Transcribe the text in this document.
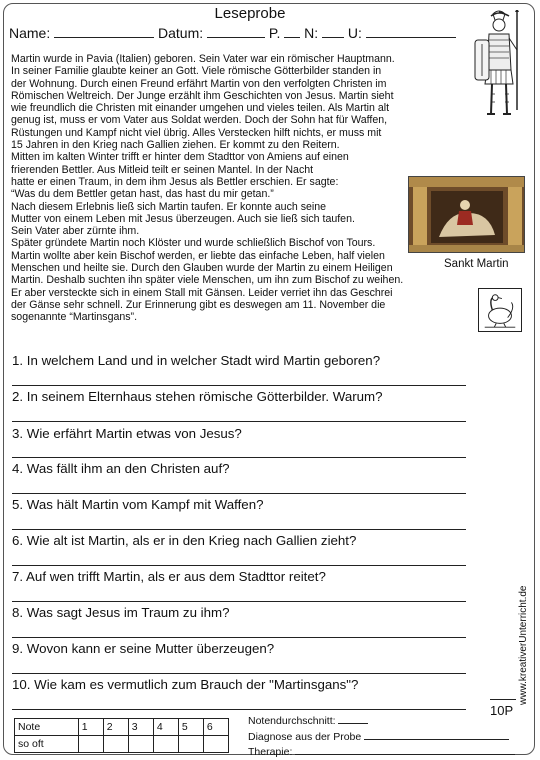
Leseprobe
Name:	Datum:	P. N: U:
Martin wurde in Pavia (Italien) geboren. Sein Vater war ein römischer Hauptmann.
In seiner Familie glaubte keiner an Gott. Viele römische Götterbilder standen in
der Wohnung. Durch einen Freund erfährt Martin von den verfolgten Christen im
Römischen Weltreich. Der Junge erzählt ihm Geschichten von Jesus. Martin sieht
wie freundlich die Christen mit einander umgehen und vieles teilen. Als Martin alt
genug ist, muss er vom Vater aus Soldat werden. Doch der Sohn hat für Waffen,
Rüstungen und Kampf nicht viel übrig. Alles Verstecken hilft nichts, er muss mit
15 Jahren in den Krieg nach Gallien ziehen. Er kommt zu den Reitern.
Mitten im kalten Winter trifft er hinter dem Stadttor von Amiens auf einen
frierenden Bettler. Aus Mitleid teilt er seinen Mantel. In der Nacht
hatte er einen Traum, in dem ihm Jesus als Bettler erschien. Er sagte:
“Was du dem Bettler getan hast, das hast du mir getan.”
Nach diesem Erlebnis ließ sich Martin taufen. Er konnte auch seine
Mutter von einem Leben mit Jesus überzeugen. Auch sie ließ sich taufen.
Sein Vater aber zürnte ihm.
Später gründete Martin noch Klöster und wurde schließlich Bischof von Tours.
Martin wollte aber kein Bischof werden, er liebte das einfache Leben, half vielen
Menschen und heilte sie. Durch den Glauben wurde der Martin zu einem Heiligen
Martin. Deshalb suchten ihn später viele Menschen, um ihn zum Bischof zu weihen.
Er aber versteckte sich in einem Stall mit Gänsen. Leider verriet ihn das Geschrei
der Gänse sehr schnell. Zur Erinnerung gibt es deswegen am 11. November die
sogenannte “Martinsgans”.
Sankt Martin
1. In welchem Land und in welcher Stadt wird Martin geboren?
2. In seinem Elternhaus stehen römische Götterbilder. Warum?
3. Wie erfährt Martin etwas von Jesus?
4. Was fällt ihm an den Christen auf?
5. Was hält Martin vom Kampf mit Waffen?
6. Wie alt ist Martin, als er in den Krieg nach Gallien zieht?
7. Auf wen trifft Martin, als er aus dem Stadttor reitet?
8. Was sagt Jesus im Traum zu ihm?
9. Wovon kann er seine Mutter überzeugen?
10. Wie kam es vermutlich zum Brauch der "Martinsgans"?
10P
www.kreativerUnterricht.de
Note	1	2	3	4	5	6
so oft						
Notendurchschnitt:
Diagnose aus der Probe
Therapie:
